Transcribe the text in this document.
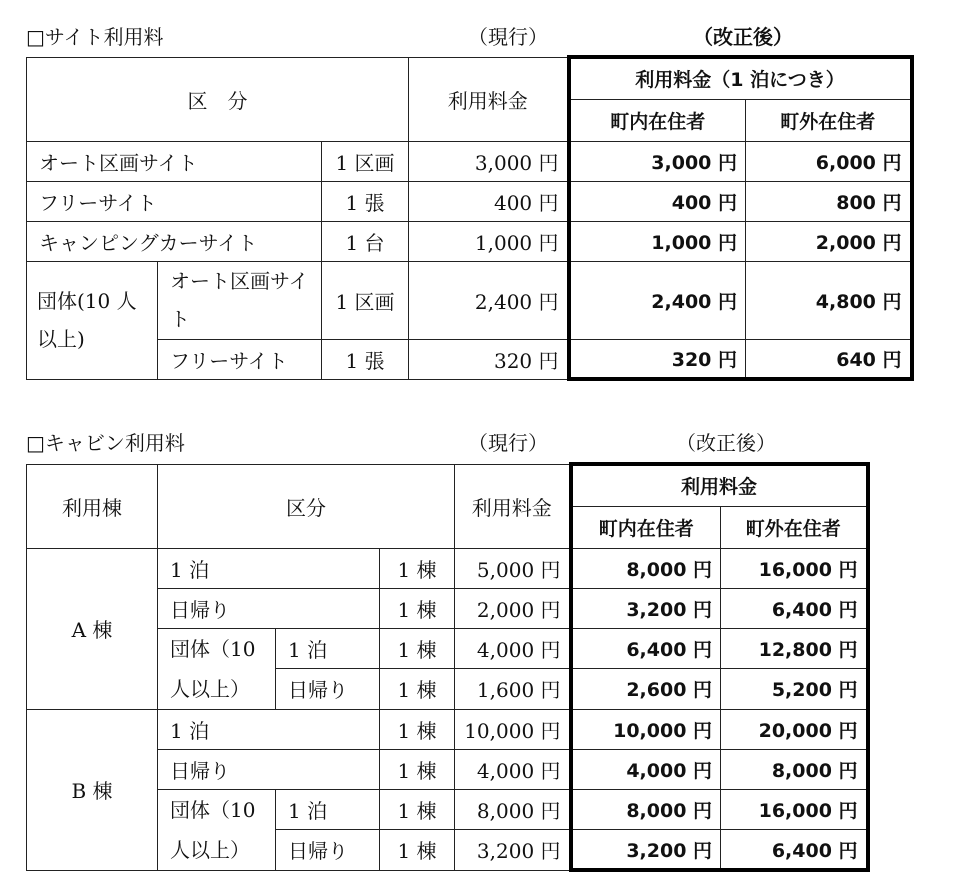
□サイト利用料	（現行）	（改正後）
区　分			利用料金	利用料金（1 泊につき）	
				町内在住者	町外在住者
オート区画サイト		1 区画	3,000 円	3,000 円	6,000 円
フリーサイト		1 張	400 円	400 円	800 円
キャンピングカーサイト		1 台	1,000 円	1,000 円	2,000 円
団体(10 人以上)	オート区画サイト	1 区画	2,400 円	2,400 円	4,800 円
	フリーサイト	1 張	320 円	320 円	640 円
□キャビン利用料	（現行）	（改正後）
利用棟	区分			利用料金	利用料金	
					町内在住者	町外在住者
A 棟	1 泊		1 棟	5,000 円	8,000 円	16,000 円
	日帰り		1 棟	2,000 円	3,200 円	6,400 円
	団体（10 人以上）	1 泊	1 棟	4,000 円	6,400 円	12,800 円
		日帰り	1 棟	1,600 円	2,600 円	5,200 円
B 棟	1 泊		1 棟	10,000 円	10,000 円	20,000 円
	日帰り		1 棟	4,000 円	4,000 円	8,000 円
	団体（10 人以上）	1 泊	1 棟	8,000 円	8,000 円	16,000 円
		日帰り	1 棟	3,200 円	3,200 円	6,400 円
